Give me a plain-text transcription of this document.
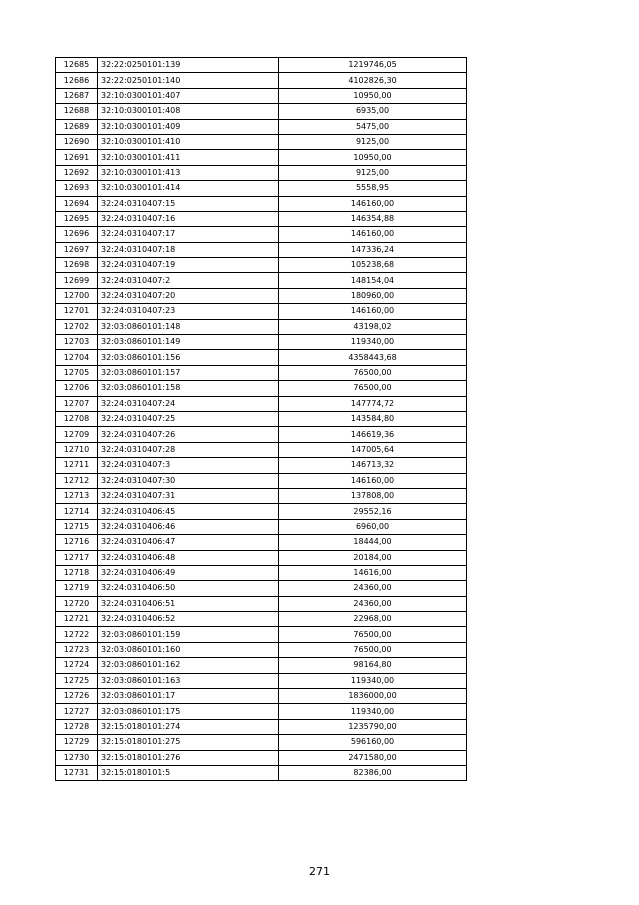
12685	32:22:0250101:139	1219746,05
12686	32:22:0250101:140	4102826,30
12687	32:10:0300101:407	10950,00
12688	32:10:0300101:408	6935,00
12689	32:10:0300101:409	5475,00
12690	32:10:0300101:410	9125,00
12691	32:10:0300101:411	10950,00
12692	32:10:0300101:413	9125,00
12693	32:10:0300101:414	5558,95
12694	32:24:0310407:15	146160,00
12695	32:24:0310407:16	146354,88
12696	32:24:0310407:17	146160,00
12697	32:24:0310407:18	147336,24
12698	32:24:0310407:19	105238,68
12699	32:24:0310407:2	148154,04
12700	32:24:0310407:20	180960,00
12701	32:24:0310407:23	146160,00
12702	32:03:0860101:148	43198,02
12703	32:03:0860101:149	119340,00
12704	32:03:0860101:156	4358443,68
12705	32:03:0860101:157	76500,00
12706	32:03:0860101:158	76500,00
12707	32:24:0310407:24	147774,72
12708	32:24:0310407:25	143584,80
12709	32:24:0310407:26	146619,36
12710	32:24:0310407:28	147005,64
12711	32:24:0310407:3	146713,32
12712	32:24:0310407:30	146160,00
12713	32:24:0310407:31	137808,00
12714	32:24:0310406:45	29552,16
12715	32:24:0310406:46	6960,00
12716	32:24:0310406:47	18444,00
12717	32:24:0310406:48	20184,00
12718	32:24:0310406:49	14616,00
12719	32:24:0310406:50	24360,00
12720	32:24:0310406:51	24360,00
12721	32:24:0310406:52	22968,00
12722	32:03:0860101:159	76500,00
12723	32:03:0860101:160	76500,00
12724	32:03:0860101:162	98164,80
12725	32:03:0860101:163	119340,00
12726	32:03:0860101:17	1836000,00
12727	32:03:0860101:175	119340,00
12728	32:15:0180101:274	1235790,00
12729	32:15:0180101:275	596160,00
12730	32:15:0180101:276	2471580,00
12731	32:15:0180101:5	82386,00
271
